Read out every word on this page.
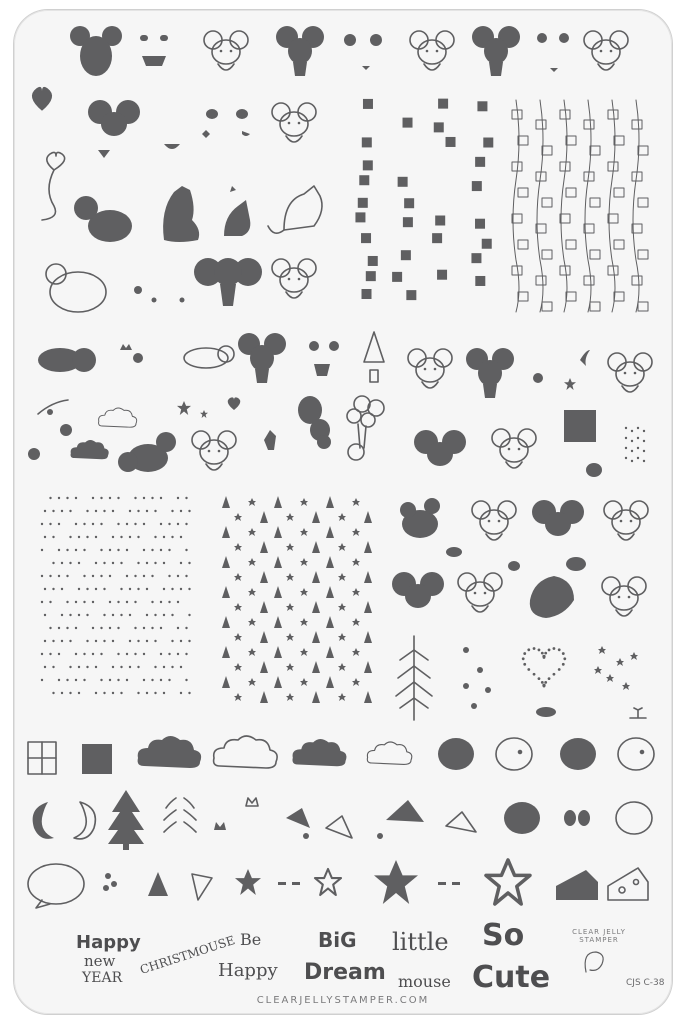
Happy
new
YEAR
CHRISTMOUSE Be
Happy
BiG
Dream
little
mouse
So
Cute
CLEAR JELLY STAMPER
CJS C-38
CLEARJELLYSTAMPER.COM
